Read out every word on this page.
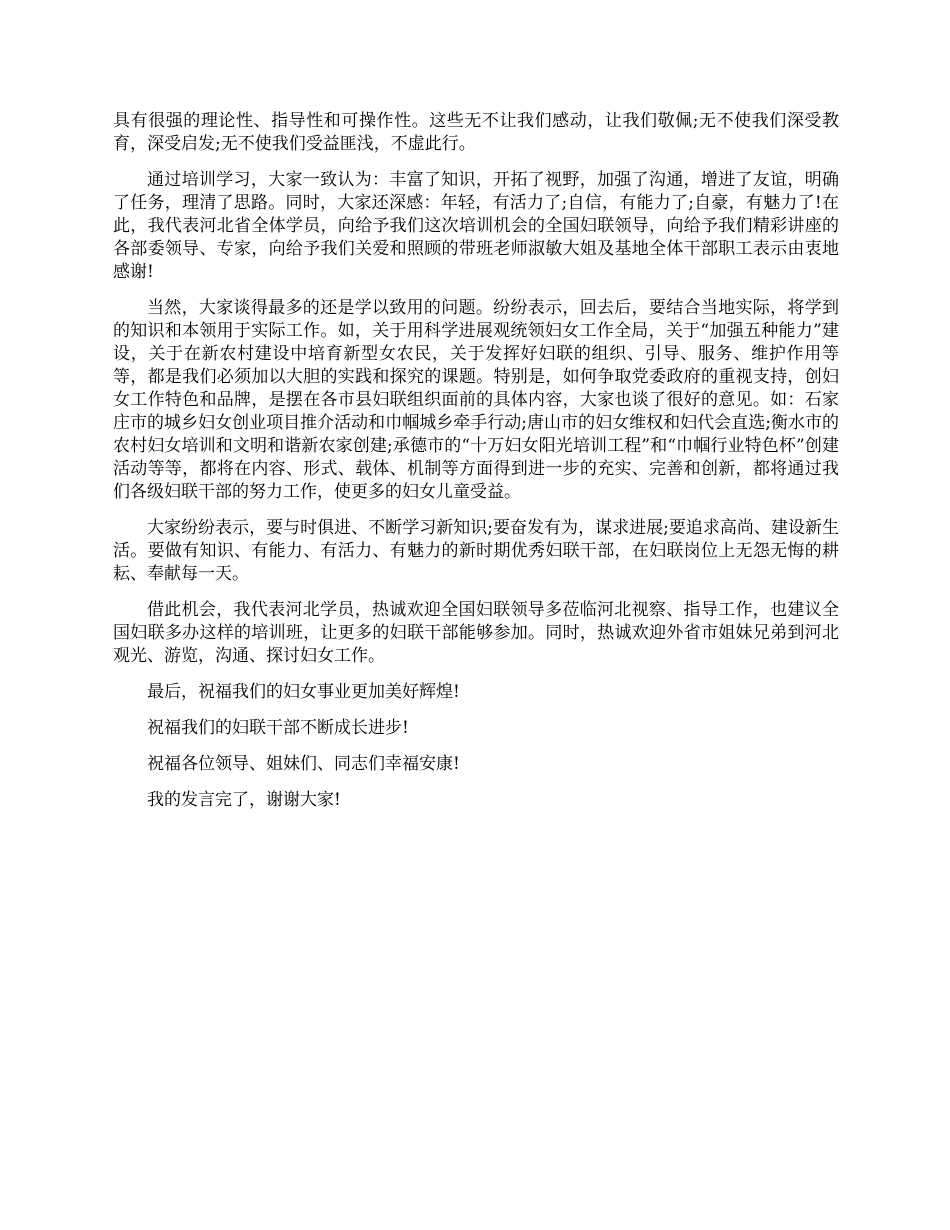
具有很强的理论性、指导性和可操作性。这些无不让我们感动，让我们敬佩;无不使我们深受教育，深受启发;无不使我们受益匪浅，不虚此行。

通过培训学习，大家一致认为：丰富了知识，开拓了视野，加强了沟通，增进了友谊，明确了任务，理清了思路。同时，大家还深感：年轻，有活力了;自信，有能力了;自豪，有魅力了!在此，我代表河北省全体学员，向给予我们这次培训机会的全国妇联领导，向给予我们精彩讲座的各部委领导、专家，向给予我们关爱和照顾的带班老师淑敏大姐及基地全体干部职工表示由衷地感谢!

当然，大家谈得最多的还是学以致用的问题。纷纷表示，回去后，要结合当地实际，将学到的知识和本领用于实际工作。如，关于用科学进展观统领妇女工作全局，关于“加强五种能力”建设，关于在新农村建设中培育新型女农民，关于发挥好妇联的组织、引导、服务、维护作用等等，都是我们必须加以大胆的实践和探究的课题。特别是，如何争取党委政府的重视支持，创妇女工作特色和品牌，是摆在各市县妇联组织面前的具体内容，大家也谈了很好的意见。如：石家庄市的城乡妇女创业项目推介活动和巾帼城乡牵手行动;唐山市的妇女维权和妇代会直选;衡水市的农村妇女培训和文明和谐新农家创建;承德市的“十万妇女阳光培训工程”和“巾帼行业特色杯”创建活动等等，都将在内容、形式、载体、机制等方面得到进一步的充实、完善和创新，都将通过我们各级妇联干部的努力工作，使更多的妇女儿童受益。

大家纷纷表示，要与时俱进、不断学习新知识;要奋发有为，谋求进展;要追求高尚、建设新生活。要做有知识、有能力、有活力、有魅力的新时期优秀妇联干部，在妇联岗位上无怨无悔的耕耘、奉献每一天。

借此机会，我代表河北学员，热诚欢迎全国妇联领导多莅临河北视察、指导工作，也建议全国妇联多办这样的培训班，让更多的妇联干部能够参加。同时，热诚欢迎外省市姐妹兄弟到河北观光、游览，沟通、探讨妇女工作。

最后，祝福我们的妇女事业更加美好辉煌!

祝福我们的妇联干部不断成长进步!

祝福各位领导、姐妹们、同志们幸福安康!

我的发言完了，谢谢大家!
